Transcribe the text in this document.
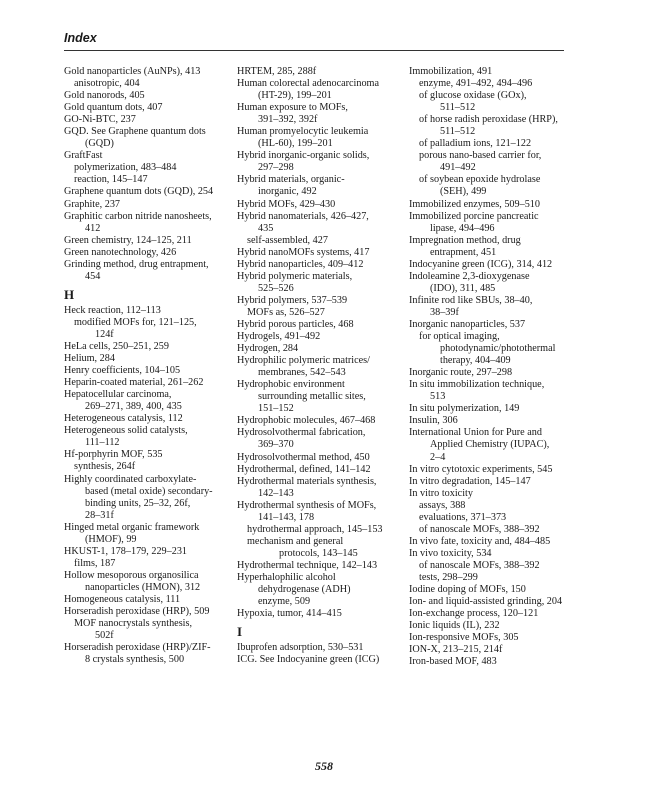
Index
Gold nanoparticles (AuNPs), 413
anisotropic, 404
Gold nanorods, 405
Gold quantum dots, 407
GO-Ni-BTC, 237
GQD. See Graphene quantum dots
(GQD)
GraftFast
polymerization, 483–484
reaction, 145–147
Graphene quantum dots (GQD), 254
Graphite, 237
Graphitic carbon nitride nanosheets,
412
Green chemistry, 124–125, 211
Green nanotechnology, 426
Grinding method, drug entrapment,
454
H
Heck reaction, 112–113
modified MOFs for, 121–125,
124f
HeLa cells, 250–251, 259
Helium, 284
Henry coefficients, 104–105
Heparin-coated material, 261–262
Hepatocellular carcinoma,
269–271, 389, 400, 435
Heterogeneous catalysis, 112
Heterogeneous solid catalysts,
111–112
Hf-porphyrin MOF, 535
synthesis, 264f
Highly coordinated carboxylate-
based (metal oxide) secondary-
binding units, 25–32, 26f,
28–31f
Hinged metal organic framework
(HMOF), 99
HKUST-1, 178–179, 229–231
films, 187
Hollow mesoporous organosilica
nanoparticles (HMON), 312
Homogeneous catalysis, 111
Horseradish peroxidase (HRP), 509
MOF nanocrystals synthesis,
502f
Horseradish peroxidase (HRP)/ZIF-
8 crystals synthesis, 500
HRTEM, 285, 288f
Human colorectal adenocarcinoma
(HT-29), 199–201
Human exposure to MOFs,
391–392, 392f
Human promyelocytic leukemia
(HL-60), 199–201
Hybrid inorganic-organic solids,
297–298
Hybrid materials, organic-
inorganic, 492
Hybrid MOFs, 429–430
Hybrid nanomaterials, 426–427,
435
self-assembled, 427
Hybrid nanoMOFs systems, 417
Hybrid nanoparticles, 409–412
Hybrid polymeric materials,
525–526
Hybrid polymers, 537–539
MOFs as, 526–527
Hybrid porous particles, 468
Hydrogels, 491–492
Hydrogen, 284
Hydrophilic polymeric matrices/
membranes, 542–543
Hydrophobic environment
surrounding metallic sites,
151–152
Hydrophobic molecules, 467–468
Hydrosolvothermal fabrication,
369–370
Hydrosolvothermal method, 450
Hydrothermal, defined, 141–142
Hydrothermal materials synthesis,
142–143
Hydrothermal synthesis of MOFs,
141–143, 178
hydrothermal approach, 145–153
mechanism and general
protocols, 143–145
Hydrothermal technique, 142–143
Hyperhalophilic alcohol
dehydrogenase (ADH)
enzyme, 509
Hypoxia, tumor, 414–415
I
Ibuprofen adsorption, 530–531
ICG. See Indocyanine green (ICG)
Immobilization, 491
enzyme, 491–492, 494–496
of glucose oxidase (GOx),
511–512
of horse radish peroxidase (HRP),
511–512
of palladium ions, 121–122
porous nano-based carrier for,
491–492
of soybean epoxide hydrolase
(SEH), 499
Immobilized enzymes, 509–510
Immobilized porcine pancreatic
lipase, 494–496
Impregnation method, drug
entrapment, 451
Indocyanine green (ICG), 314, 412
Indoleamine 2,3-dioxygenase
(IDO), 311, 485
Infinite rod like SBUs, 38–40,
38–39f
Inorganic nanoparticles, 537
for optical imaging,
photodynamic/photothermal
therapy, 404–409
Inorganic route, 297–298
In situ immobilization technique,
513
In situ polymerization, 149
Insulin, 306
International Union for Pure and
Applied Chemistry (IUPAC),
2–4
In vitro cytotoxic experiments, 545
In vitro degradation, 145–147
In vitro toxicity
assays, 388
evaluations, 371–373
of nanoscale MOFs, 388–392
In vivo fate, toxicity and, 484–485
In vivo toxicity, 534
of nanoscale MOFs, 388–392
tests, 298–299
Iodine doping of MOFs, 150
Ion- and liquid-assisted grinding, 204
Ion-exchange process, 120–121
Ionic liquids (IL), 232
Ion-responsive MOFs, 305
ION-X, 213–215, 214f
Iron-based MOF, 483
558
